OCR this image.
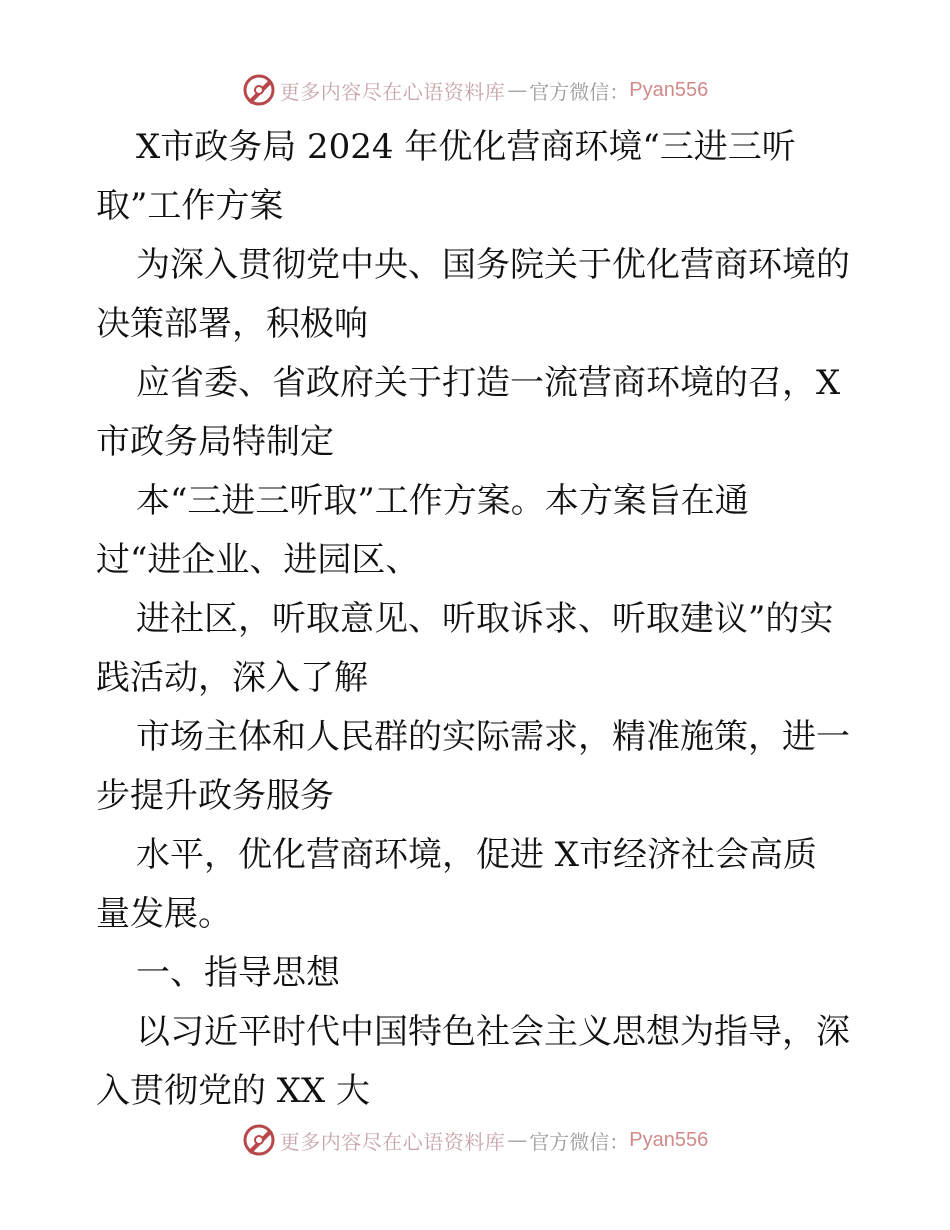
更多内容尽在心语资料库 — 官方微信： Pyan556
X市政务局 2024 年优化营商环境“三进三听
取”工作方案
为深入贯彻党中央、国务院关于优化营商环境的
决策部署，积极响
应省委、省政府关于打造一流营商环境的召，X
市政务局特制定
本“三进三听取”工作方案。本方案旨在通
过“进企业、进园区、
进社区，听取意见、听取诉求、听取建议”的实
践活动，深入了解
市场主体和人民群的实际需求，精准施策，进一
步提升政务服务
水平，优化营商环境，促进 X市经济社会高质
量发展。
一、指导思想
以习近平时代中国特色社会主义思想为指导，深
入贯彻党的 XX 大
更多内容尽在心语资料库 — 官方微信： Pyan556
